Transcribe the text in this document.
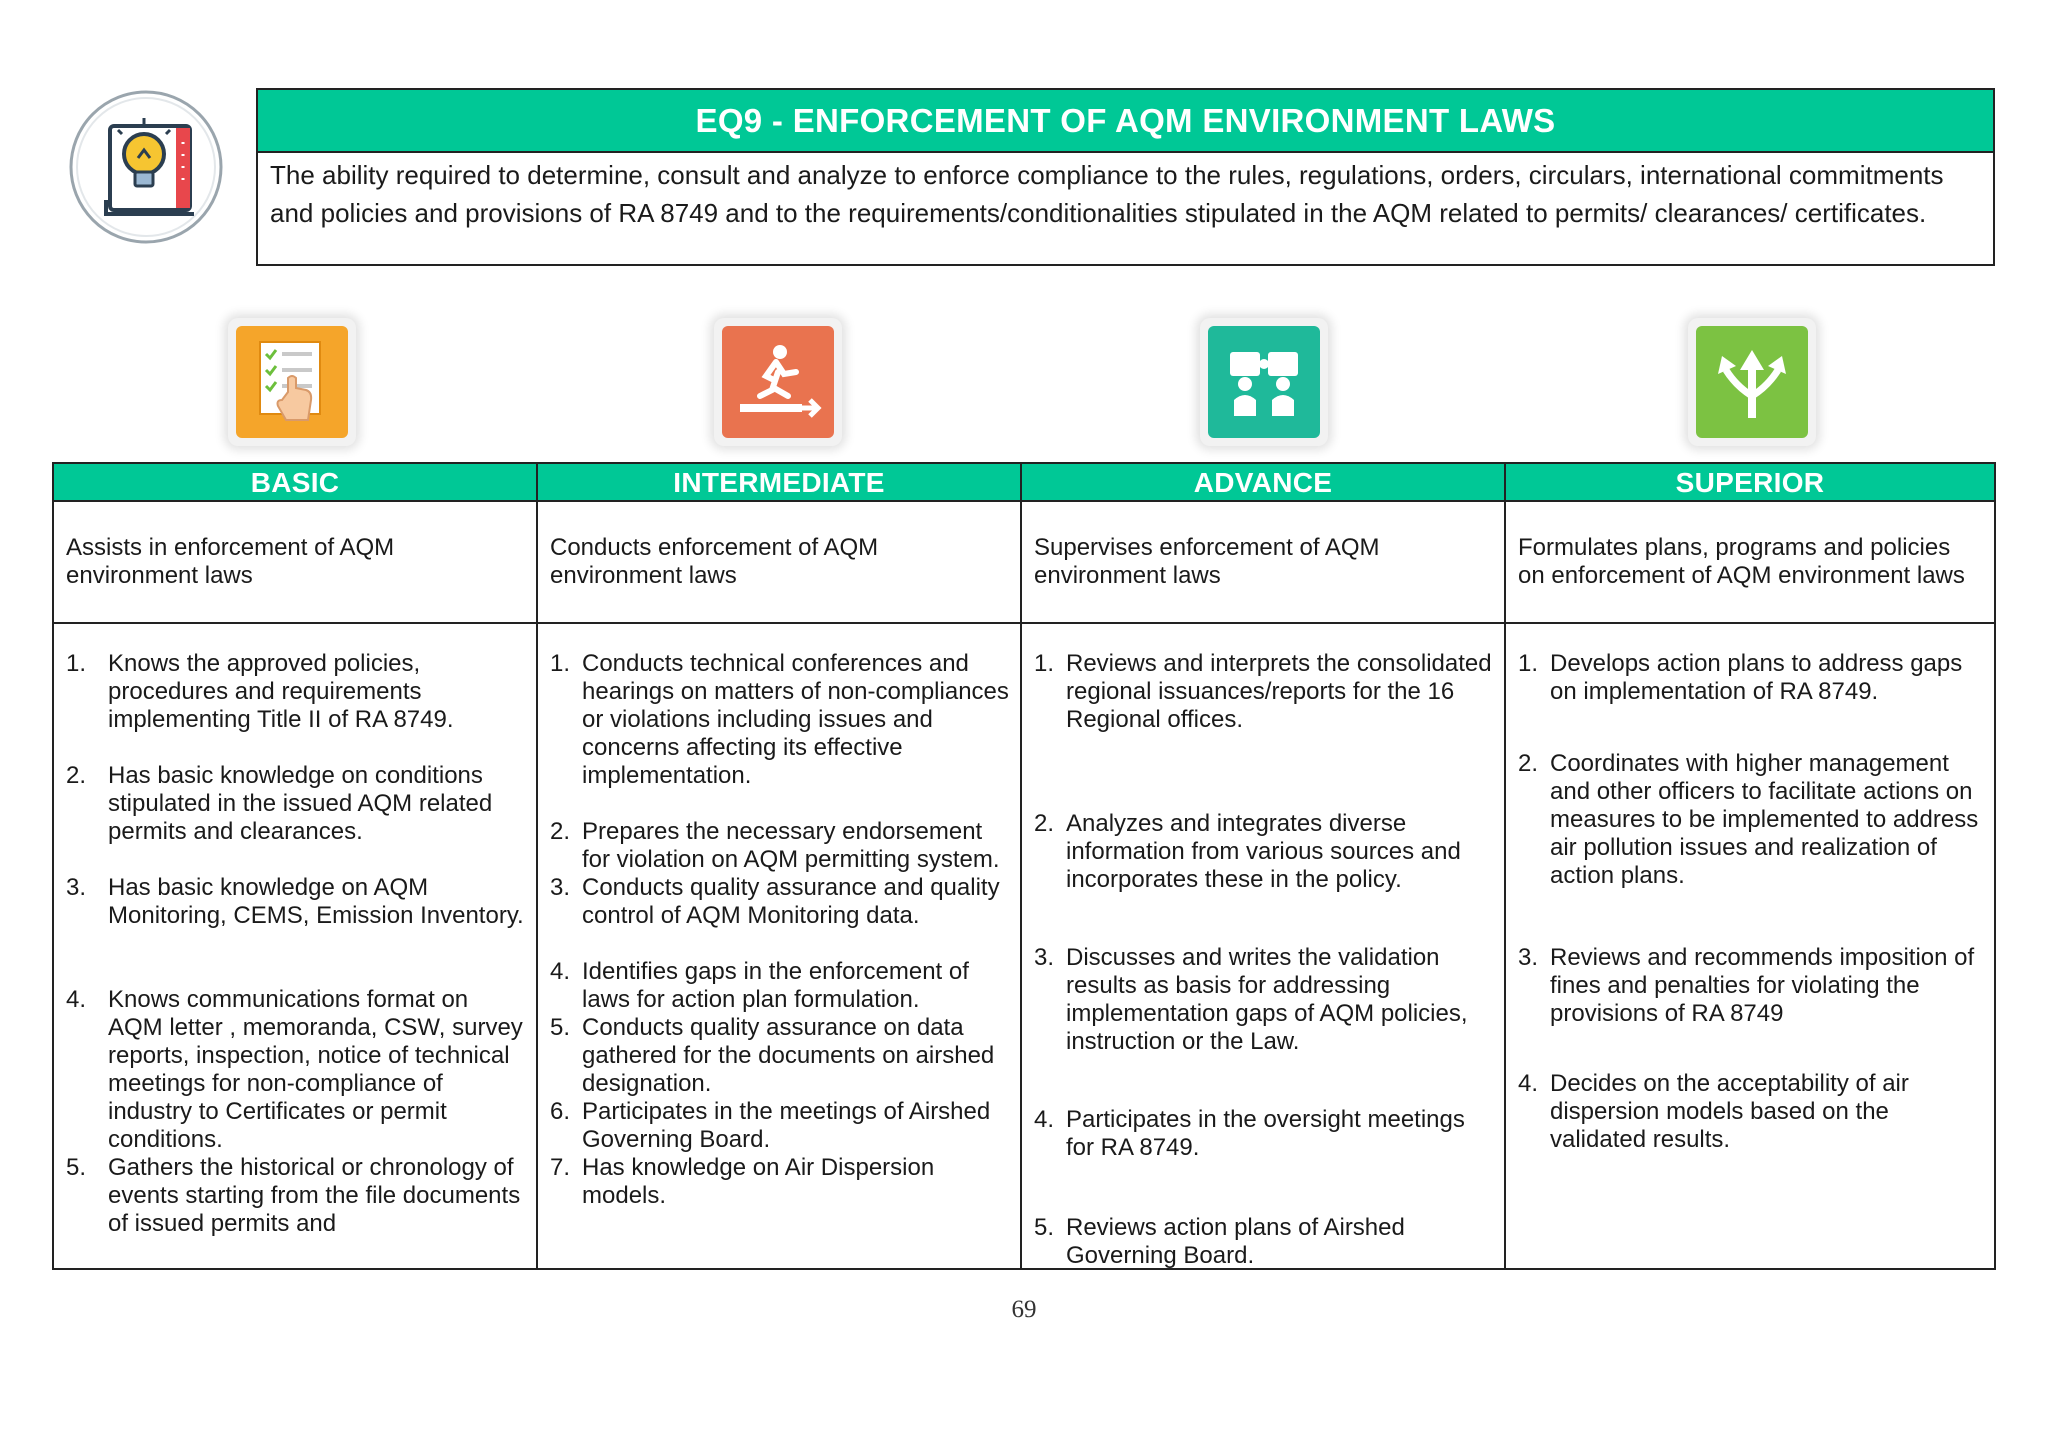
EQ9 - ENFORCEMENT OF AQM ENVIRONMENT LAWS
The ability required to determine, consult and analyze to enforce compliance to the rules, regulations, orders, circulars, international commitments and policies and provisions of RA 8749 and to the requirements/conditionalities stipulated in the AQM related to permits/ clearances/ certificates.
BASIC
Assists in enforcement of AQM environment laws
1. Knows the approved policies, procedures and requirements implementing Title II of RA 8749.
2. Has basic knowledge on conditions stipulated in the issued AQM related permits and clearances.
3. Has basic knowledge on AQM Monitoring, CEMS, Emission Inventory.
4. Knows communications format on AQM letter , memoranda, CSW, survey reports, inspection, notice of technical meetings for non-compliance of industry to Certificates or permit conditions.
5. Gathers the historical or chronology of events starting from the file documents of issued permits and
INTERMEDIATE
Conducts enforcement of AQM environment laws
1. Conducts technical conferences and hearings on matters of non-compliances or violations including issues and concerns affecting its effective implementation.
2. Prepares the necessary endorsement for violation on AQM permitting system.
3. Conducts quality assurance and quality control of AQM Monitoring data.
4. Identifies gaps in the enforcement of laws for action plan formulation.
5. Conducts quality assurance on data gathered for the documents on airshed designation.
6. Participates in the meetings of Airshed Governing Board.
7. Has knowledge on Air Dispersion models.
ADVANCE
Supervises enforcement of AQM environment laws
1. Reviews and interprets the consolidated regional issuances/reports for the 16 Regional offices.
2. Analyzes and integrates diverse information from various sources and incorporates these in the policy.
3. Discusses and writes the validation results as basis for addressing implementation gaps of AQM policies, instruction or the Law.
4. Participates in the oversight meetings for RA 8749.
5. Reviews action plans of Airshed Governing Board.
SUPERIOR
Formulates plans, programs and policies on enforcement of AQM environment laws
1. Develops action plans to address gaps on implementation of RA 8749.
2. Coordinates with higher management and other officers to facilitate actions on measures to be implemented to address air pollution issues and realization of action plans.
3. Reviews and recommends imposition of fines and penalties for violating the provisions of RA 8749
4. Decides on the acceptability of air dispersion models based on the validated results.
69
